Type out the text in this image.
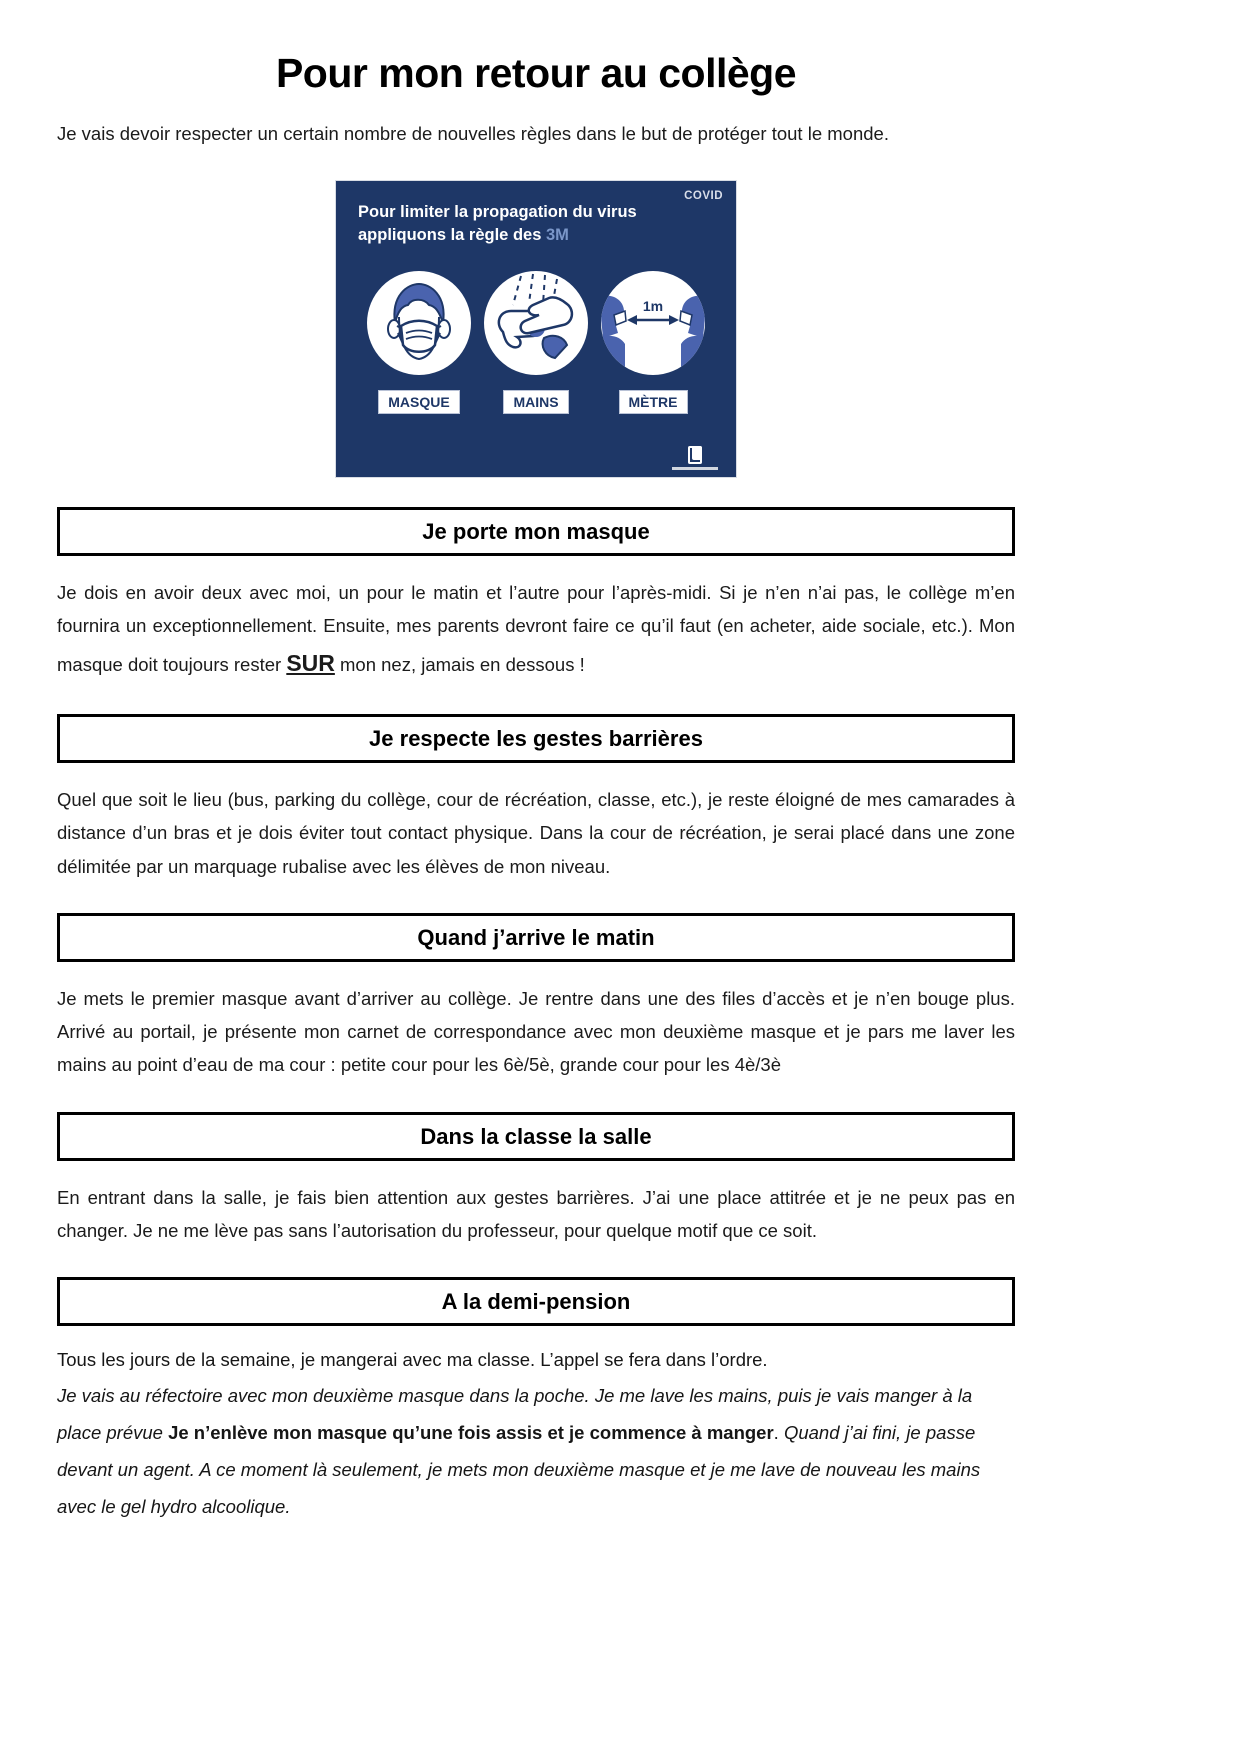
Pour mon retour au collège

Je vais devoir respecter un certain nombre de nouvelles règles dans le but de protéger tout le monde.

COVID
Pour limiter la propagation du virus
appliquons la règle des 3M
MASQUE	MAINS
1m
MÈTRE
Je porte mon masque

Je dois en avoir deux avec moi, un pour le matin et l’autre pour l’après-midi. Si je n’en n’ai pas, le collège m’en fournira un exceptionnellement. Ensuite, mes parents devront faire ce qu’il faut (en acheter, aide sociale, etc.). Mon masque doit toujours rester SUR mon nez, jamais en dessous !

Je respecte les gestes barrières

Quel que soit le lieu (bus, parking du collège, cour de récréation, classe, etc.), je reste éloigné de mes camarades à distance d’un bras et je dois éviter tout contact physique. Dans la cour de récréation, je serai placé dans une zone délimitée par un marquage rubalise avec les élèves de mon niveau.

Quand j’arrive le matin

Je mets le premier masque avant d’arriver au collège. Je rentre dans une des files d’accès et je n’en bouge plus. Arrivé au portail, je présente mon carnet de correspondance avec mon deuxième masque et je pars me laver les mains au point d’eau de ma cour : petite cour pour les 6è/5è, grande cour pour les 4è/3è

Dans la classe la salle

En entrant dans la salle, je fais bien attention aux gestes barrières. J’ai une place attitrée et je ne peux pas en changer. Je ne me lève pas sans l’autorisation du professeur, pour quelque motif que ce soit.

A la demi-pension

Tous les jours de la semaine, je mangerai avec ma classe. L’appel se fera dans l’ordre.

Je vais au réfectoire avec mon deuxième masque dans la poche. Je me lave les mains, puis je vais manger à la place prévue Je n’enlève mon masque qu’une fois assis et je commence à manger. Quand j’ai fini, je passe devant un agent. A ce moment là seulement, je mets mon deuxième masque et je me lave de nouveau les mains avec le gel hydro alcoolique.
